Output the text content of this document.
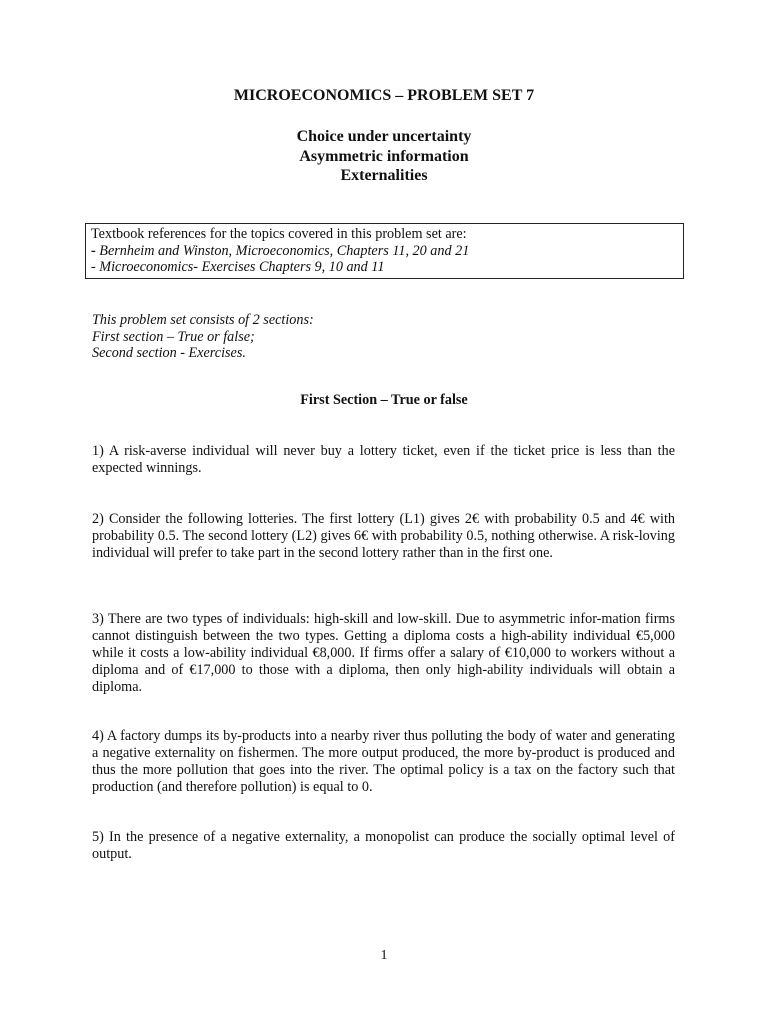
MICROECONOMICS – PROBLEM SET 7
Choice under uncertainty
Asymmetric information
Externalities
Textbook references for the topics covered in this problem set are:
- Bernheim and Winston, Microeconomics, Chapters 11, 20 and 21
- Microeconomics- Exercises Chapters 9, 10 and 11
This problem set consists of 2 sections:
First section – True or false;
Second section - Exercises.
First Section – True or false

1) A risk-averse individual will never buy a lottery ticket, even if the ticket price is less than the expected winnings.

2) Consider the following lotteries. The first lottery (L1) gives 2€ with probability 0.5 and 4€ with probability 0.5. The second lottery (L2) gives 6€ with probability 0.5, nothing otherwise. A risk-loving individual will prefer to take part in the second lottery rather than in the first one.

3) There are two types of individuals: high-skill and low-skill. Due to asymmetric infor-mation firms cannot distinguish between the two types. Getting a diploma costs a high-ability individual €5,000 while it costs a low-ability individual €8,000. If firms offer a salary of €10,000 to workers without a diploma and of €17,000 to those with a diploma, then only high-ability individuals will obtain a diploma.

4) A factory dumps its by-products into a nearby river thus polluting the body of water and generating a negative externality on fishermen. The more output produced, the more by-product is produced and thus the more pollution that goes into the river. The optimal policy is a tax on the factory such that production (and therefore pollution) is equal to 0.

5) In the presence of a negative externality, a monopolist can produce the socially optimal level of output.

1
